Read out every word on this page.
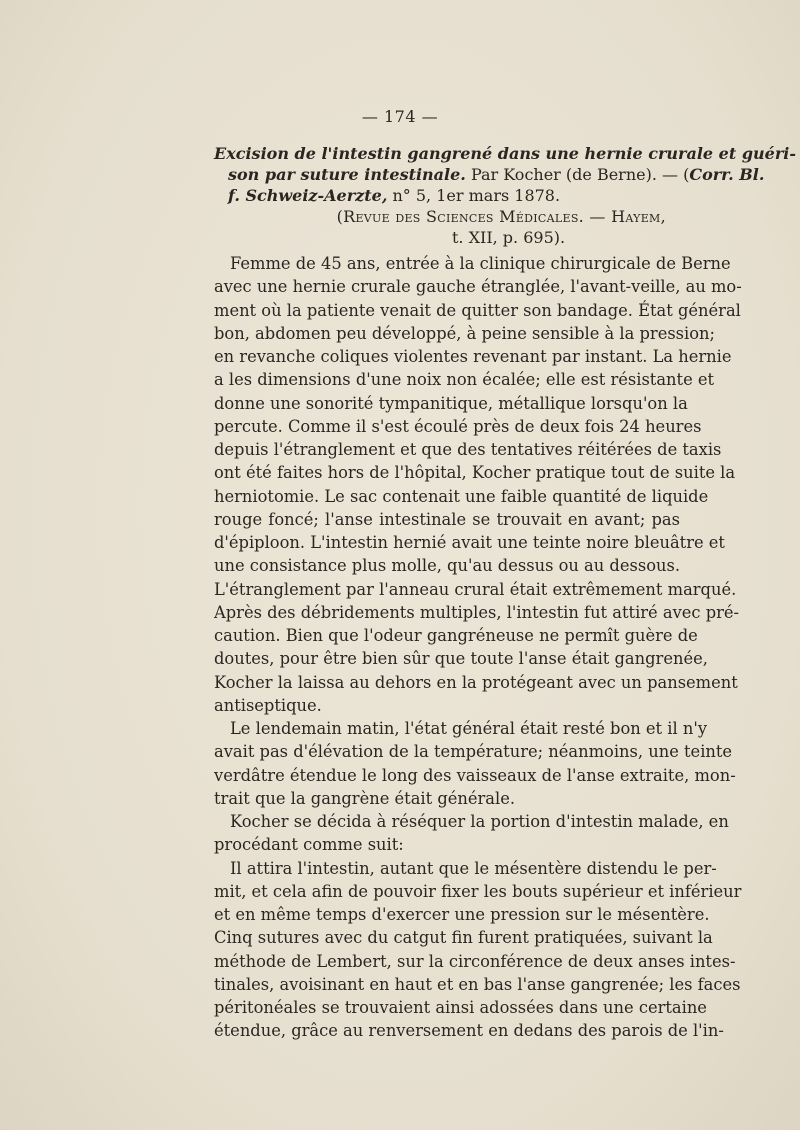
— 174 —
Excision de l'intestin gangrené dans une hernie crurale et guéri-
son par suture intestinale. Par Kocher (de Berne). — (Corr. Bl.
f. Schweiz-Aerzte, n° 5, 1er mars 1878.
(Revue des Sciences Médicales. — Hayem,
t. XII, p. 695).
Femme de 45 ans, entrée à la clinique chirurgicale de Berne
avec une hernie crurale gauche étranglée, l'avant-veille, au mo-
ment où la patiente venait de quitter son bandage. État général
bon, abdomen peu développé, à peine sensible à la pression;
en revanche coliques violentes revenant par instant. La hernie
a les dimensions d'une noix non écalée; elle est résistante et
donne une sonorité tympanitique, métallique lorsqu'on la
percute. Comme il s'est écoulé près de deux fois 24 heures
depuis l'étranglement et que des tentatives réitérées de taxis
ont été faites hors de l'hôpital, Kocher pratique tout de suite la
herniotomie. Le sac contenait une faible quantité de liquide
rouge foncé; l'anse intestinale se trouvait en avant; pas
d'épiploon. L'intestin hernié avait une teinte noire bleuâtre et
une consistance plus molle, qu'au dessus ou au dessous.
L'étranglement par l'anneau crural était extrêmement marqué.
Après des débridements multiples, l'intestin fut attiré avec pré-
caution. Bien que l'odeur gangréneuse ne permît guère de
doutes, pour être bien sûr que toute l'anse était gangrenée,
Kocher la laissa au dehors en la protégeant avec un pansement
antiseptique.
Le lendemain matin, l'état général était resté bon et il n'y
avait pas d'élévation de la température; néanmoins, une teinte
verdâtre étendue le long des vaisseaux de l'anse extraite, mon-
trait que la gangrène était générale.
Kocher se décida à réséquer la portion d'intestin malade, en
procédant comme suit:
Il attira l'intestin, autant que le mésentère distendu le per-
mit, et cela afin de pouvoir fixer les bouts supérieur et inférieur
et en même temps d'exercer une pression sur le mésentère.
Cinq sutures avec du catgut fin furent pratiquées, suivant la
méthode de Lembert, sur la circonférence de deux anses intes-
tinales, avoisinant en haut et en bas l'anse gangrenée; les faces
péritonéales se trouvaient ainsi adossées dans une certaine
étendue, grâce au renversement en dedans des parois de l'in-
